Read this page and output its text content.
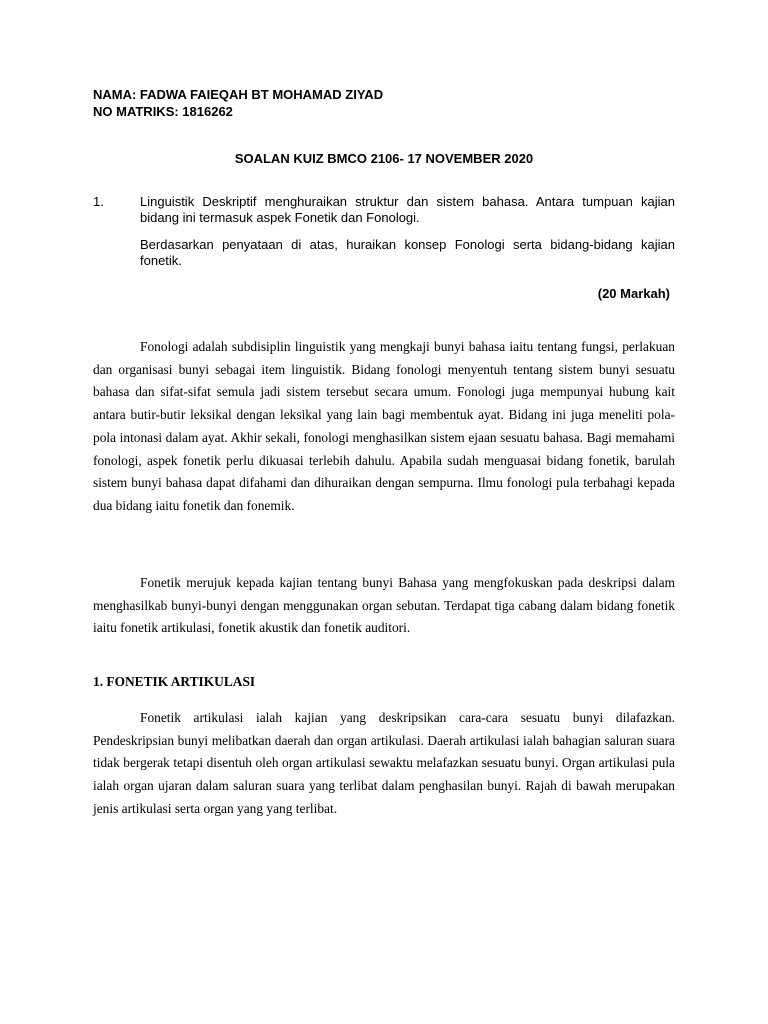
NAMA: FADWA FAIEQAH BT MOHAMAD ZIYAD
NO MATRIKS: 1816262
SOALAN KUIZ BMCO 2106- 17 NOVEMBER 2020
1.	Linguistik Deskriptif menghuraikan struktur dan sistem bahasa. Antara tumpuan kajian bidang ini termasuk aspek Fonetik dan Fonologi.

Berdasarkan penyataan di atas, huraikan konsep Fonologi serta bidang-bidang kajian fonetik.

(20 Markah)

Fonologi adalah subdisiplin linguistik yang mengkaji bunyi bahasa iaitu tentang fungsi, perlakuan dan organisasi bunyi sebagai item linguistik. Bidang fonologi menyentuh tentang sistem bunyi sesuatu bahasa dan sifat-sifat semula jadi sistem tersebut secara umum. Fonologi juga mempunyai hubung kait antara butir-butir leksikal dengan leksikal yang lain bagi membentuk ayat. Bidang ini juga meneliti pola-pola intonasi dalam ayat. Akhir sekali, fonologi menghasilkan sistem ejaan sesuatu bahasa. Bagi memahami fonologi, aspek fonetik perlu dikuasai terlebih dahulu. Apabila sudah menguasai bidang fonetik, barulah sistem bunyi bahasa dapat difahami dan dihuraikan dengan sempurna. Ilmu fonologi pula terbahagi kepada dua bidang iaitu fonetik dan fonemik.

Fonetik merujuk kepada kajian tentang bunyi Bahasa yang mengfokuskan pada deskripsi dalam menghasilkab bunyi-bunyi dengan menggunakan organ sebutan. Terdapat tiga cabang dalam bidang fonetik iaitu fonetik artikulasi, fonetik akustik dan fonetik auditori.

1. FONETIK ARTIKULASI

Fonetik artikulasi ialah kajian yang deskripsikan cara-cara sesuatu bunyi dilafazkan. Pendeskripsian bunyi melibatkan daerah dan organ artikulasi. Daerah artikulasi ialah bahagian saluran suara tidak bergerak tetapi disentuh oleh organ artikulasi sewaktu melafazkan sesuatu bunyi. Organ artikulasi pula ialah organ ujaran dalam saluran suara yang terlibat dalam penghasilan bunyi. Rajah di bawah merupakan jenis artikulasi serta organ yang yang terlibat.
